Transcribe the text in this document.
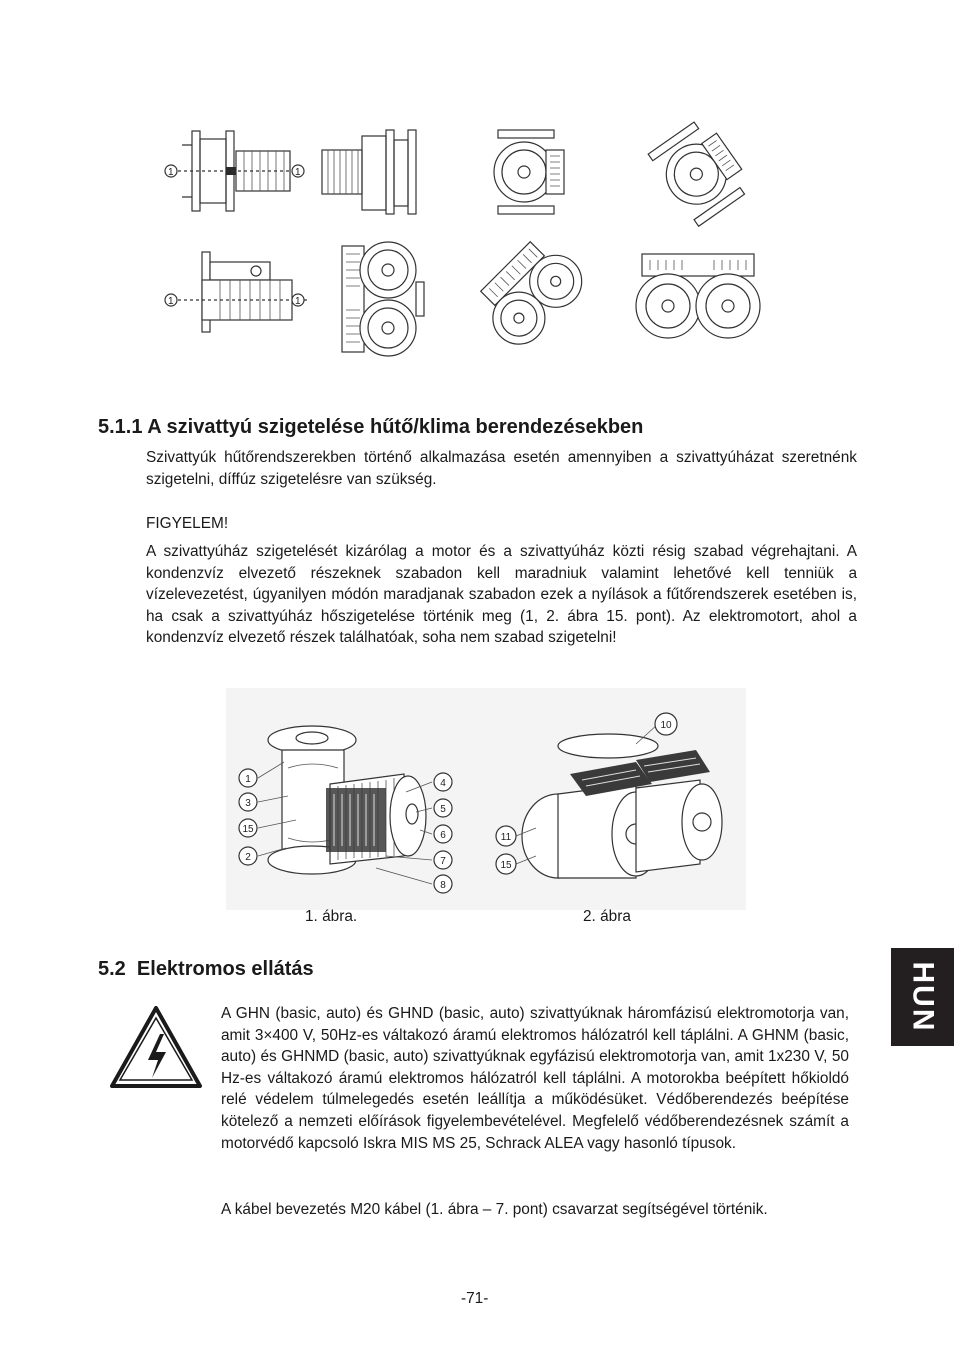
1	1
1	1
5.1.1 A szivattyú szigetelése hűtő/klima berendezésekben

Szivattyúk hűtőrendszerekben történő alkalmazása esetén amennyiben a szivattyúházat szeretnénk szigetelni, díffúz szigetelésre van szükség.

FIGYELEM!

A szivattyúház szigetelését kizárólag a motor és a szivattyúház közti résig szabad végrehajtani. A kondenzvíz elvezető részeknek szabadon kell maradniuk valamint lehetővé kell tenniük a vízelevezetést, úgyanilyen módón maradjanak szabadon ezek a nyílások a fűtőrendszerek esetében is, ha csak a szivattyúház hőszigetelése történik meg (1, 2. ábra 15. pont). Az elektromotort, ahol a kondenzvíz elvezető részek találhatóak, soha nem szabad szigetelni!

1
3
15
2
4
5
6
7
8
10
11
15
1. ábra.	2. ábra
5.2  Elektromos ellátás

A GHN (basic, auto) és GHND (basic, auto) szivattyúknak háromfázisú elektromotorja van, amit 3×400 V, 50Hz-es váltakozó áramú elektromos hálózatról kell táplálni. A GHNM (basic, auto) és GHNMD (basic, auto) szivattyúknak egyfázisú elektromotorja van, amit 1x230 V, 50 Hz-es váltakozó áramú elektromos hálózatról kell táplálni. A motorokba beépített hőkioldó relé védelem túlmelegedés esetén leállítja a működésüket. Védőberendezés beépítése kötelező a nemzeti előírások figyelembevételével. Megfelelő védőberendezésnek számít a motorvédő kapcsoló Iskra MIS MS 25, Schrack ALEA vagy hasonló típusok.

A kábel bevezetés M20 kábel (1. ábra – 7. pont) csavarzat segítségével történik.

HUN
-71-
